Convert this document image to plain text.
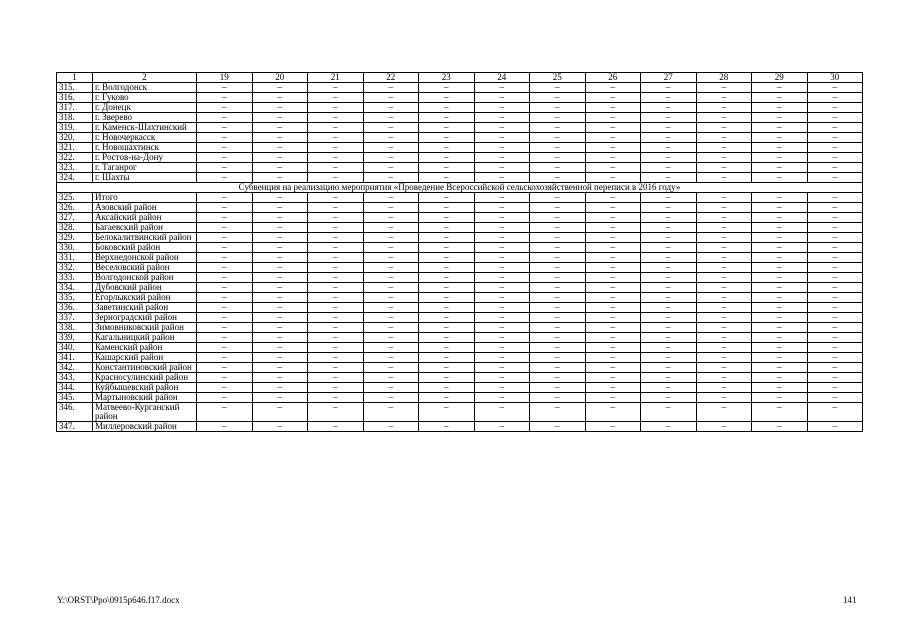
1	2	19	20	21	22	23	24	25	26	27	28	29	30
315.	г. Волгодонск	–	–	–	–	–	–	–	–	–	–	–	–
316.	г. Гуково	–	–	–	–	–	–	–	–	–	–	–	–
317.	г. Донецк	–	–	–	–	–	–	–	–	–	–	–	–
318.	г. Зверево	–	–	–	–	–	–	–	–	–	–	–	–
319.	г. Каменск-Шахтинский	–	–	–	–	–	–	–	–	–	–	–	–
320.	г. Новочеркасск	–	–	–	–	–	–	–	–	–	–	–	–
321.	г. Новошахтинск	–	–	–	–	–	–	–	–	–	–	–	–
322.	г. Ростов-на-Дону	–	–	–	–	–	–	–	–	–	–	–	–
323.	г. Таганрог	–	–	–	–	–	–	–	–	–	–	–	–
324.	г. Шахты	–	–	–	–	–	–	–	–	–	–	–	–
Субвенция на реализацию мероприятия «Проведение Всероссийской сельскохозяйственной переписи в 2016 году»													
325.	Итого	–	–	–	–	–	–	–	–	–	–	–	–
326.	Азовский район	–	–	–	–	–	–	–	–	–	–	–	–
327.	Аксайский район	–	–	–	–	–	–	–	–	–	–	–	–
328.	Багаевский район	–	–	–	–	–	–	–	–	–	–	–	–
329.	Белокалитвинский район	–	–	–	–	–	–	–	–	–	–	–	–
330.	Боковский район	–	–	–	–	–	–	–	–	–	–	–	–
331.	Верхнедонской район	–	–	–	–	–	–	–	–	–	–	–	–
332.	Веселовский район	–	–	–	–	–	–	–	–	–	–	–	–
333.	Волгодонской район	–	–	–	–	–	–	–	–	–	–	–	–
334.	Дубовский район	–	–	–	–	–	–	–	–	–	–	–	–
335.	Егорлыкский район	–	–	–	–	–	–	–	–	–	–	–	–
336.	Заветинский район	–	–	–	–	–	–	–	–	–	–	–	–
337.	Зерноградский район	–	–	–	–	–	–	–	–	–	–	–	–
338.	Зимовниковский район	–	–	–	–	–	–	–	–	–	–	–	–
339.	Кагальницкий район	–	–	–	–	–	–	–	–	–	–	–	–
340.	Каменский район	–	–	–	–	–	–	–	–	–	–	–	–
341.	Кашарский район	–	–	–	–	–	–	–	–	–	–	–	–
342.	Константиновский район	–	–	–	–	–	–	–	–	–	–	–	–
343.	Красносулинский район	–	–	–	–	–	–	–	–	–	–	–	–
344.	Куйбышевский район	–	–	–	–	–	–	–	–	–	–	–	–
345.	Мартыновский район	–	–	–	–	–	–	–	–	–	–	–	–
346.	Матвеево-Курганский район	–	–	–	–	–	–	–	–	–	–	–	–
347.	Миллеровский район	–	–	–	–	–	–	–	–	–	–	–	–
Y:\ORST\Ppo\0915p646.f17.docx	141
